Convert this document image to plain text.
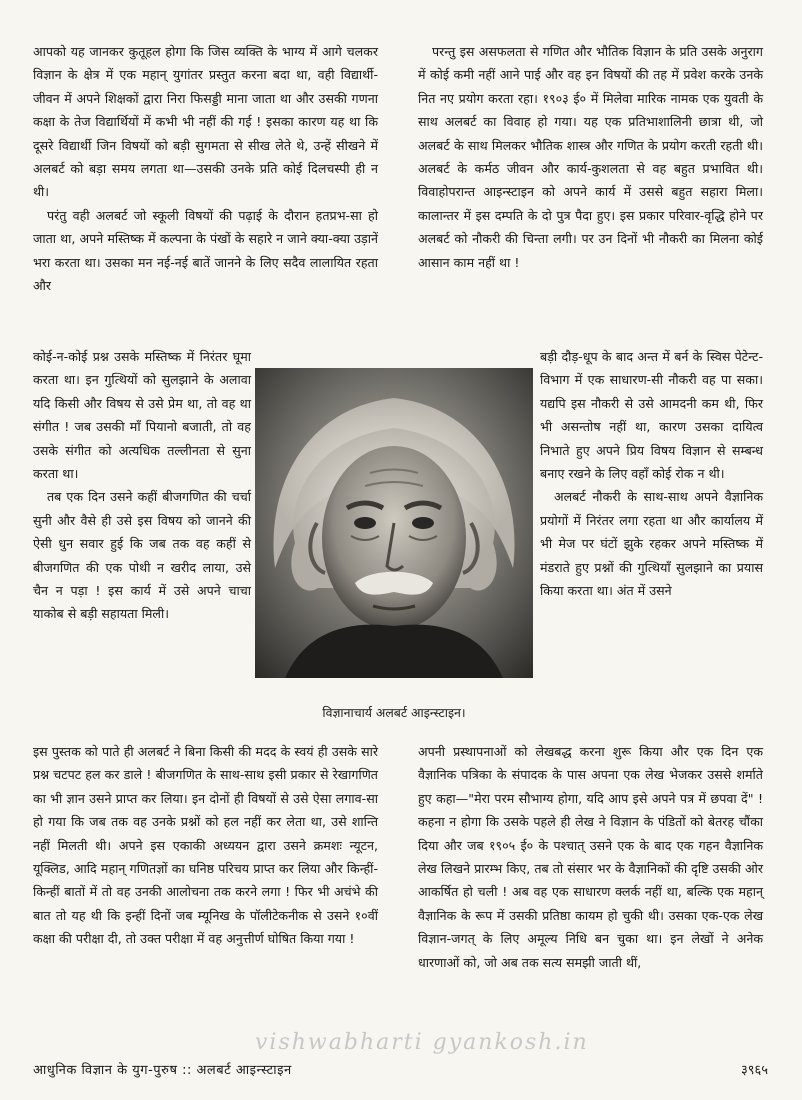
आपको यह जानकर कुतूहल होगा कि जिस व्यक्ति के भाग्य में आगे चलकर विज्ञान के क्षेत्र में एक महान् युगांतर प्रस्तुत करना बदा था, वही विद्यार्थी-जीवन में अपने शिक्षकों द्वारा निरा फिसड्डी माना जाता था और उसकी गणना कक्षा के तेज विद्यार्थियों में कभी भी नहीं की गई ! इसका कारण यह था कि दूसरे विद्यार्थी जिन विषयों को बड़ी सुगमता से सीख लेते थे, उन्हें सीखने में अलबर्ट को बड़ा समय लगता था—उसकी उनके प्रति कोई दिलचस्पी ही न थी।

परंतु वही अलबर्ट जो स्कूली विषयों की पढ़ाई के दौरान हतप्रभ-सा हो जाता था, अपने मस्तिष्क में कल्पना के पंखों के सहारे न जाने क्या-क्या उड़ानें भरा करता था। उसका मन नई-नई बातें जानने के लिए सदैव लालायित रहता और

कोई-न-कोई प्रश्न उसके मस्तिष्क में निरंतर घूमा करता था। इन गुत्थियों को सुलझाने के अलावा यदि किसी और विषय से उसे प्रेम था, तो वह था संगीत ! जब उसकी माँ पियानो बजाती, तो वह उसके संगीत को अत्यधिक तल्लीनता से सुना करता था।

तब एक दिन उसने कहीं बीजगणित की चर्चा सुनी और वैसे ही उसे इस विषय को जानने की ऐसी धुन सवार हुई कि जब तक वह कहीं से बीजगणित की एक पोथी न खरीद लाया, उसे चैन न पड़ा ! इस कार्य में उसे अपने चाचा याकोब से बड़ी सहायता मिली।

विज्ञानाचार्य अलबर्ट आइन्स्टाइन।

परन्तु इस असफलता से गणित और भौतिक विज्ञान के प्रति उसके अनुराग में कोई कमी नहीं आने पाई और वह इन विषयों की तह में प्रवेश करके उनके नित नए प्रयोग करता रहा। १९०३ ई० में मिलेवा मारिक नामक एक युवती के साथ अलबर्ट का विवाह हो गया। यह एक प्रतिभाशालिनी छात्रा थी, जो अलबर्ट के साथ मिलकर भौतिक शास्त्र और गणित के प्रयोग करती रहती थी। अलबर्ट के कर्मठ जीवन और कार्य-कुशलता से वह बहुत प्रभावित थी। विवाहोपरान्त आइन्स्टाइन को अपने कार्य में उससे बहुत सहारा मिला। कालान्तर में इस दम्पति के दो पुत्र पैदा हुए। इस प्रकार परिवार-वृद्धि होने पर अलबर्ट को नौकरी की चिन्ता लगी। पर उन दिनों भी नौकरी का मिलना कोई आसान काम नहीं था !

बड़ी दौड़-धूप के बाद अन्त में बर्न के स्विस पेटेन्ट-विभाग में एक साधारण-सी नौकरी वह पा सका। यद्यपि इस नौकरी से उसे आमदनी कम थी, फिर भी असन्तोष नहीं था, कारण उसका दायित्व निभाते हुए अपने प्रिय विषय विज्ञान से सम्बन्ध बनाए रखने के लिए वहाँ कोई रोक न थी।

अलबर्ट नौकरी के साथ-साथ अपने वैज्ञानिक प्रयोगों में निरंतर लगा रहता था और कार्यालय में भी मेज पर घंटों झुके रहकर अपने मस्तिष्क में मंडराते हुए प्रश्नों की गुत्थियाँ सुलझाने का प्रयास किया करता था। अंत में उसने

इस पुस्तक को पाते ही अलबर्ट ने बिना किसी की मदद के स्वयं ही उसके सारे प्रश्न चटपट हल कर डाले ! बीजगणित के साथ-साथ इसी प्रकार से रेखागणित का भी ज्ञान उसने प्राप्त कर लिया। इन दोनों ही विषयों से उसे ऐसा लगाव-सा हो गया कि जब तक वह उनके प्रश्नों को हल नहीं कर लेता था, उसे शान्ति नहीं मिलती थी। अपने इस एकाकी अध्ययन द्वारा उसने क्रमशः न्यूटन, यूक्लिड, आदि महान् गणितज्ञों का घनिष्ठ परिचय प्राप्त कर लिया और किन्हीं-किन्हीं बातों में तो वह उनकी आलोचना तक करने लगा ! फिर भी अचंभे की बात तो यह थी कि इन्हीं दिनों जब म्यूनिख के पॉलीटेकनीक से उसने १०वीं कक्षा की परीक्षा दी, तो उक्त परीक्षा में वह अनुत्तीर्ण घोषित किया गया !

अपनी प्रस्थापनाओं को लेखबद्ध करना शुरू किया और एक दिन एक वैज्ञानिक पत्रिका के संपादक के पास अपना एक लेख भेजकर उससे शर्माते हुए कहा—"मेरा परम सौभाग्य होगा, यदि आप इसे अपने पत्र में छपवा दें" ! कहना न होगा कि उसके पहले ही लेख ने विज्ञान के पंडितों को बेतरह चौंका दिया और जब १९०५ ई० के पश्चात् उसने एक के बाद एक गहन वैज्ञानिक लेख लिखने प्रारम्भ किए, तब तो संसार भर के वैज्ञानिकों की दृष्टि उसकी ओर आकर्षित हो चली ! अब वह एक साधारण क्लर्क नहीं था, बल्कि एक महान् वैज्ञानिक के रूप में उसकी प्रतिष्ठा कायम हो चुकी थी। उसका एक-एक लेख विज्ञान-जगत् के लिए अमूल्य निधि बन चुका था। इन लेखों ने अनेक धारणाओं को, जो अब तक सत्य समझी जाती थीं,

vishwabharti gyankosh.in
आधुनिक विज्ञान के युग-पुरुष :: अलबर्ट आइन्स्टाइन	३९६५
